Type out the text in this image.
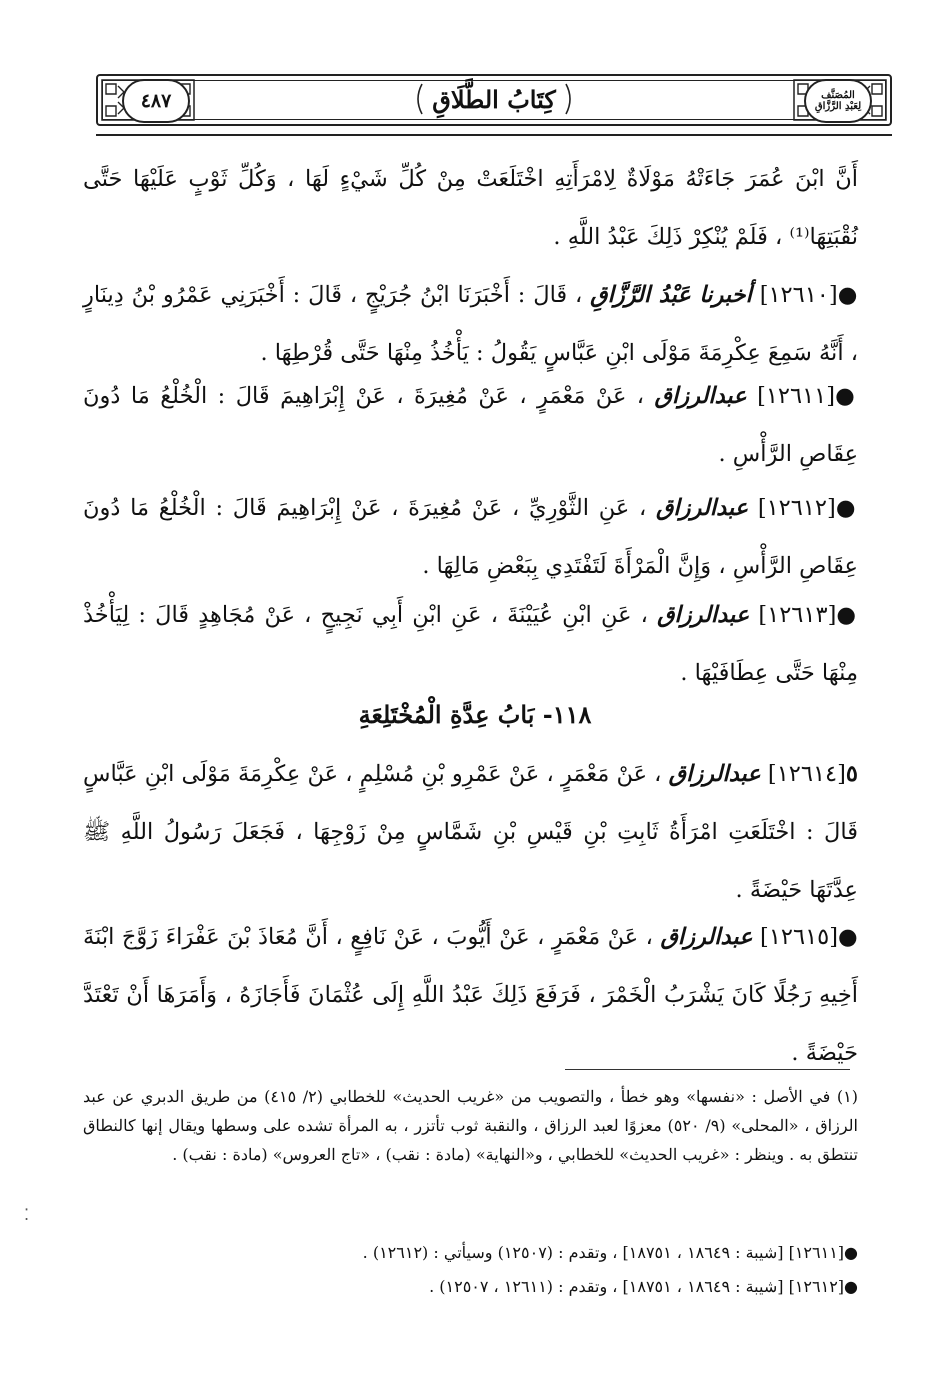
٤٨٧	المُصَنَّف
لِعَبْدِ الرَّزَّاقِ
كِتَابُ الطَّلَاقِ
أَنَّ ابْنَ عُمَرَ جَاءَتْهُ مَوْلَاةٌ لِامْرَأَتِهِ اخْتَلَعَتْ مِنْ كُلِّ شَيْءٍ لَهَا ، وَكُلِّ ثَوْبٍ عَلَيْهَا حَتَّى نُقْبَتِهَا⁽¹⁾ ، فَلَمْ يُنْكِرْ ذَلِكَ عَبْدُ اللَّهِ .
●[١٢٦١٠] أخبرنا عَبْدُ الرَّزَّاقِ ، قَالَ : أَخْبَرَنَا ابْنُ جُرَيْجٍ ، قَالَ : أَخْبَرَنِي عَمْرُو بْنُ دِينَارٍ ، أَنَّهُ سَمِعَ عِكْرِمَةَ مَوْلَى ابْنِ عَبَّاسٍ يَقُولُ : يَأْخُذُ مِنْهَا حَتَّى قُرْطِهَا .
●[١٢٦١١] عبدالرزاق ، عَنْ مَعْمَرٍ ، عَنْ مُغِيرَةَ ، عَنْ إِبْرَاهِيمَ قَالَ : الْخُلْعُ مَا دُونَ عِقَاصِ الرَّأْسِ .
●[١٢٦١٢] عبدالرزاق ، عَنِ الثَّوْرِيِّ ، عَنْ مُغِيرَةَ ، عَنْ إِبْرَاهِيمَ قَالَ : الْخُلْعُ مَا دُونَ عِقَاصِ الرَّأْسِ ، وَإِنَّ الْمَرْأَةَ لَتَفْتَدِي بِبَعْضِ مَالِهَا .
●[١٢٦١٣] عبدالرزاق ، عَنِ ابْنِ عُيَيْنَةَ ، عَنِ ابْنِ أَبِي نَجِيحٍ ، عَنْ مُجَاهِدٍ قَالَ : لِيَأْخُذْ مِنْهَا حَتَّى عِطَافَيْهَا .
١١٨- بَابُ عِدَّةِ الْمُخْتَلِعَةِ
٥[١٢٦١٤] عبدالرزاق ، عَنْ مَعْمَرٍ ، عَنْ عَمْرِو بْنِ مُسْلِمٍ ، عَنْ عِكْرِمَةَ مَوْلَى ابْنِ عَبَّاسٍ قَالَ : اخْتَلَعَتِ امْرَأَةُ ثَابِتِ بْنِ قَيْسِ بْنِ شَمَّاسٍ مِنْ زَوْجِهَا ، فَجَعَلَ رَسُولُ اللَّهِ ﷺ عِدَّتَهَا حَيْضَةً .
●[١٢٦١٥] عبدالرزاق ، عَنْ مَعْمَرٍ ، عَنْ أَيُّوبَ ، عَنْ نَافِعٍ ، أَنَّ مُعَاذَ بْنَ عَفْرَاءَ زَوَّجَ ابْنَةَ أَخِيهِ رَجُلًا كَانَ يَشْرَبُ الْخَمْرَ ، فَرَفَعَ ذَلِكَ عَبْدُ اللَّهِ إِلَى عُثْمَانَ فَأَجَازَهُ ، وَأَمَرَهَا أَنْ تَعْتَدَّ حَيْضَةً .
(١) في الأصل : «نفسها» وهو خطأ ، والتصويب من «غريب الحديث» للخطابي (٢/ ٤١٥) من طريق الدبري عن عبد الرزاق ، «المحلى» (٩/ ٥٢٠) معزوًا لعبد الرزاق ، والنقبة ثوب تأتزر ، به المرأة تشده على وسطها ويقال إنها كالنطاق تنتطق به . وينظر : «غريب الحديث» للخطابي ، و«النهاية» (مادة : نقب) ، «تاج العروس» (مادة : نقب) .
●[١٢٦١١] [شيبة : ١٨٦٤٩ ، ١٨٧٥١] ، وتقدم : (١٢٥٠٧) وسيأتي : (١٢٦١٢) .
●[١٢٦١٢] [شيبة : ١٨٦٤٩ ، ١٨٧٥١] ، وتقدم : (١٢٦١١ ، ١٢٥٠٧) .
⁚
